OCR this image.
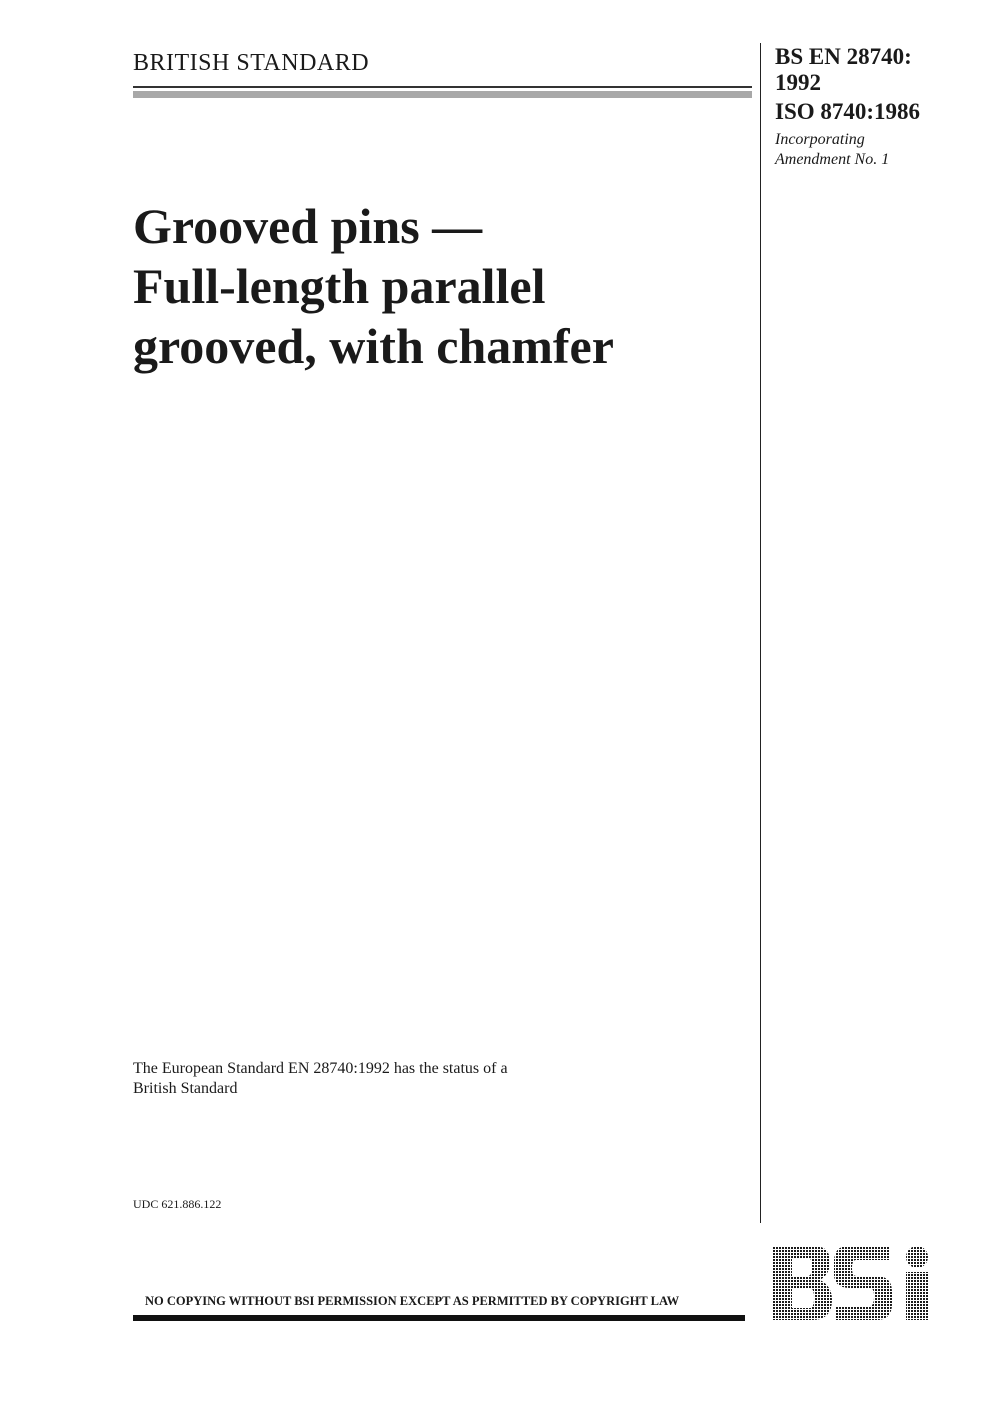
BRITISH STANDARD	BS EN 28740:
1992
ISO 8740:1986
Incorporating
Amendment No. 1
Grooved pins —
Full-length parallel
grooved, with chamfer
The European Standard EN 28740:1992 has the status of a
British Standard
UDC 621.886.122
NO COPYING WITHOUT BSI PERMISSION EXCEPT AS PERMITTED BY COPYRIGHT LAW
